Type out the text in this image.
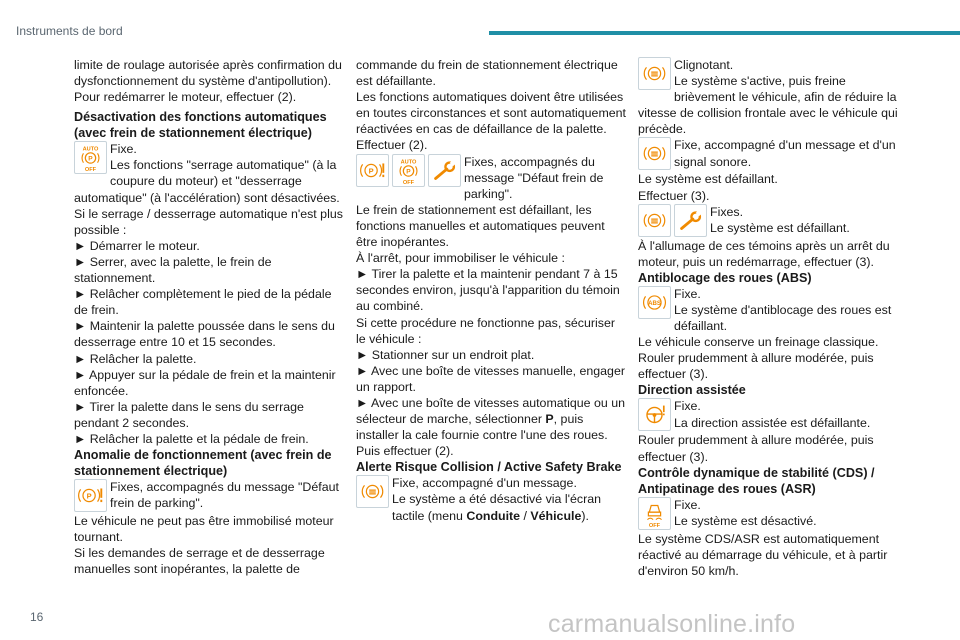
Instruments de bord

limite de roulage autorisée après confirmation du dysfonctionnement du système d'antipollution).

Pour redémarrer le moteur, effectuer (2).

Désactivation des fonctions automatiques (avec frein de stationnement électrique)

AUTO
P
OFF
Fixe.
Les fonctions "serrage automatique" (à la coupure du moteur) et "desserrage automatique" (à l'accélération) sont désactivées.

Si le serrage / desserrage automatique n'est plus possible :

► Démarrer le moteur.

► Serrer, avec la palette, le frein de stationnement.

► Relâcher complètement le pied de la pédale de frein.

► Maintenir la palette poussée dans le sens du desserrage entre 10 et 15 secondes.

► Relâcher la palette.

► Appuyer sur la pédale de frein et la maintenir enfoncée.

► Tirer la palette dans le sens du serrage pendant 2 secondes.

► Relâcher la palette et la pédale de frein.

Anomalie de fonctionnement (avec frein de stationnement électrique)

P
Fixes, accompagnés du message "Défaut frein de parking".

Le véhicule ne peut pas être immobilisé moteur tournant.

Si les demandes de serrage et de desserrage manuelles sont inopérantes, la palette de

commande du frein de stationnement électrique est défaillante.

Les fonctions automatiques doivent être utilisées en toutes circonstances et sont automatiquement réactivées en cas de défaillance de la palette.

Effectuer (2).

P
AUTO
P
OFF
Fixes, accompagnés du message "Défaut frein de parking".

Le frein de stationnement est défaillant, les fonctions manuelles et automatiques peuvent être inopérantes.

À l'arrêt, pour immobiliser le véhicule :

► Tirer la palette et la maintenir pendant 7 à 15 secondes environ, jusqu'à l'apparition du témoin au combiné.

Si cette procédure ne fonctionne pas, sécuriser le véhicule :

► Stationner sur un endroit plat.

► Avec une boîte de vitesses manuelle, engager un rapport.

► Avec une boîte de vitesses automatique ou un sélecteur de marche, sélectionner P, puis installer la cale fournie contre l'une des roues.

Puis effectuer (2).

Alerte Risque Collision / Active Safety Brake

Fixe, accompagné d'un message.
Le système a été désactivé via l'écran tactile (menu Conduite / Véhicule).
Clignotant.
Le système s'active, puis freine brièvement le véhicule, afin de réduire la vitesse de collision frontale avec le véhicule qui précède.
Fixe, accompagné d'un message et d'un signal sonore.

Le système est défaillant.

Effectuer (3).

Fixes.
Le système est défaillant.

À l'allumage de ces témoins après un arrêt du moteur, puis un redémarrage, effectuer (3).

Antiblocage des roues (ABS)

ABS
Fixe.
Le système d'antiblocage des roues est défaillant.

Le véhicule conserve un freinage classique.

Rouler prudemment à allure modérée, puis effectuer (3).

Direction assistée

Fixe.
La direction assistée est défaillante.

Rouler prudemment à allure modérée, puis effectuer (3).

Contrôle dynamique de stabilité (CDS) / Antipatinage des roues (ASR)

OFF
Fixe.
Le système est désactivé.

Le système CDS/ASR est automatiquement réactivé au démarrage du véhicule, et à partir d'environ 50 km/h.

16	carmanualsonline.info
